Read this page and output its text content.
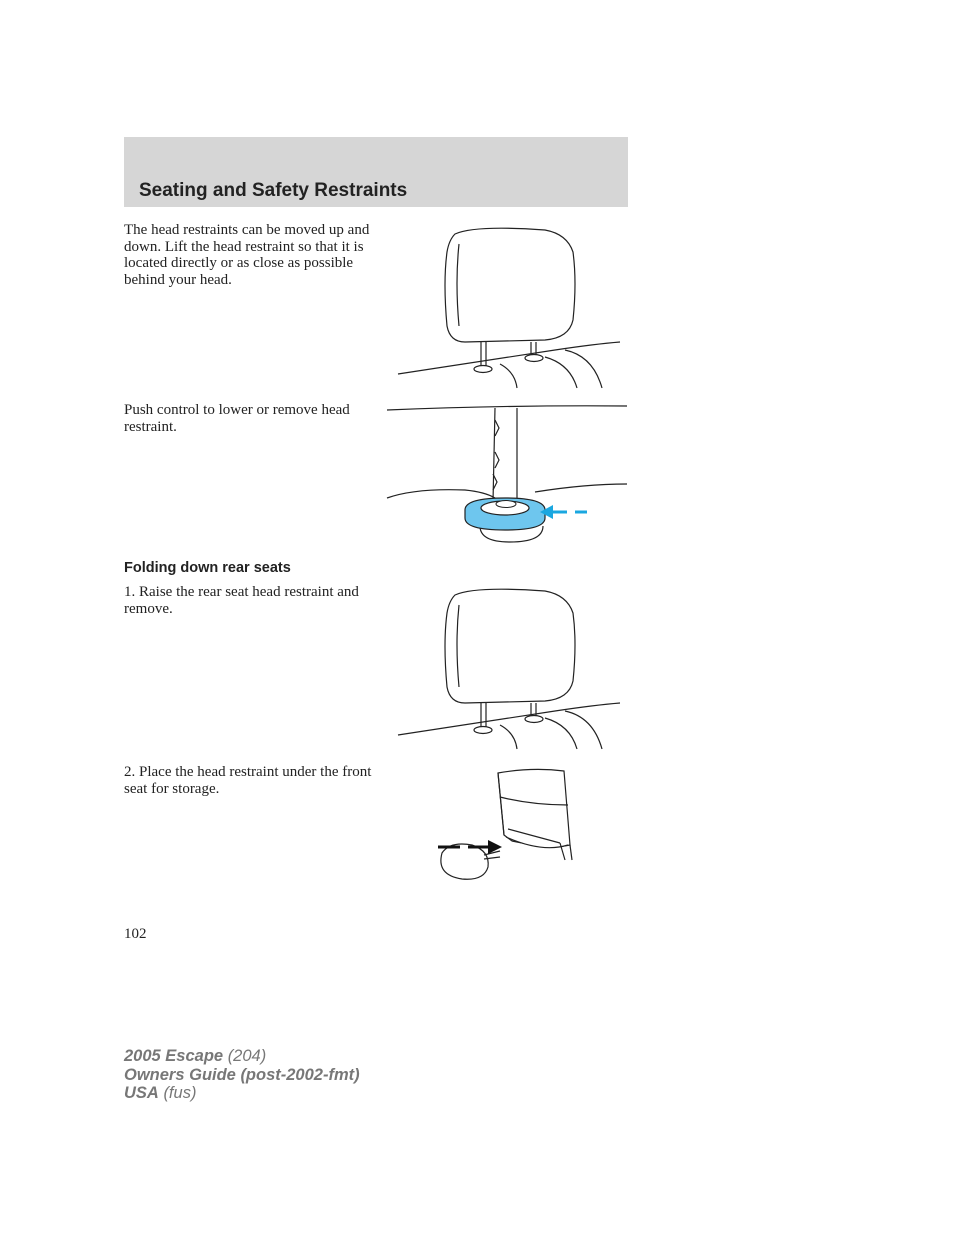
Seating and Safety Restraints
The head restraints can be moved up and down. Lift the head restraint so that it is located directly or as close as possible behind your head.
Push control to lower or remove head restraint.
Folding down rear seats
1. Raise the rear seat head restraint and remove.
2. Place the head restraint under the front seat for storage.
102
2005 Escape (204)
Owners Guide (post-2002-fmt)
USA (fus)
